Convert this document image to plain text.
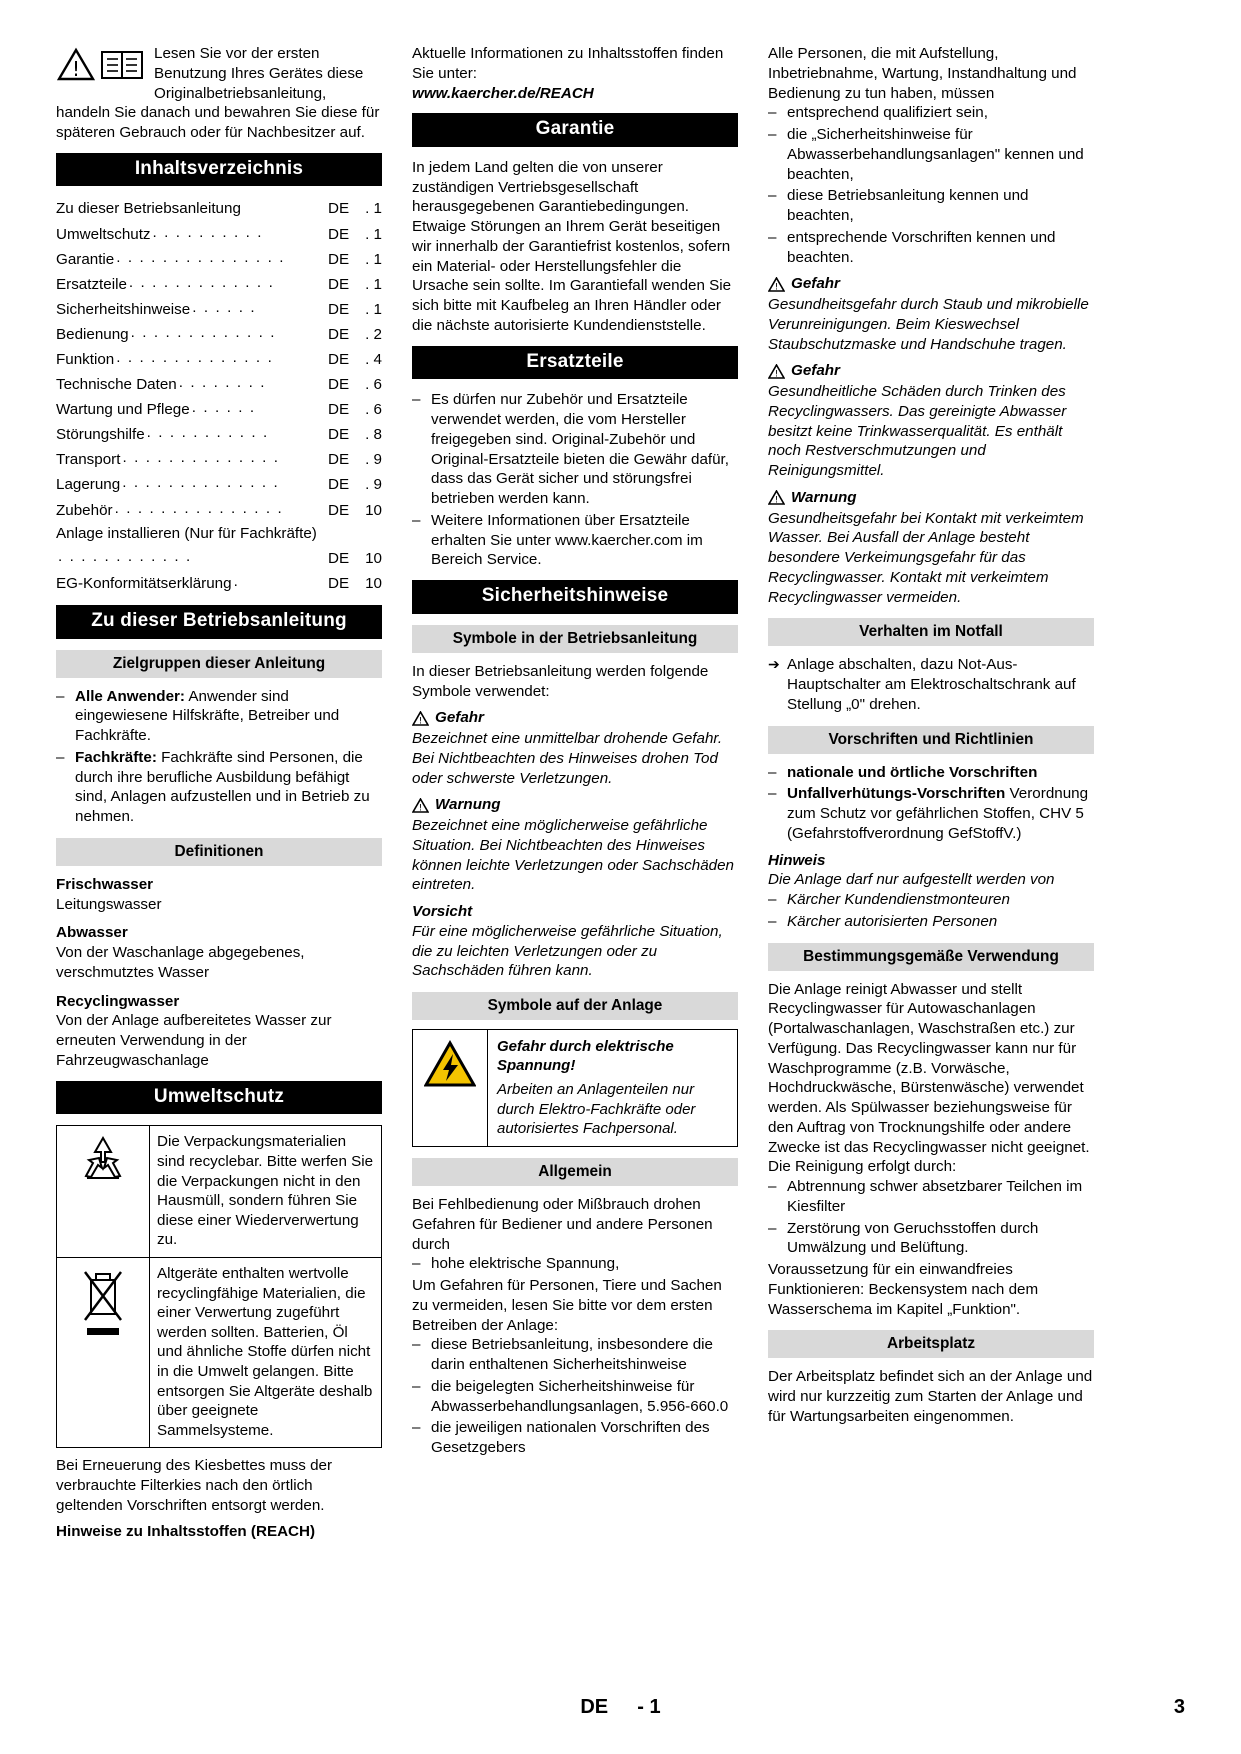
!
Lesen Sie vor der ersten Benutzung Ihres Gerätes diese Originalbetriebsanleitung, handeln Sie danach und bewahren Sie diese für späteren Gebrauch oder für Nachbesitzer auf.
Inhaltsverzeichnis
Zu dieser Betriebsanleitung	DE	. 1
Umweltschutz . . . . . . . . . .	DE	. 1
Garantie . . . . . . . . . . . . . . .	DE	. 1
Ersatzteile . . . . . . . . . . . . .	DE	. 1
Sicherheitshinweise . . . . . .	DE	. 1
Bedienung . . . . . . . . . . . . .	DE	. 2
Funktion . . . . . . . . . . . . . .	DE	. 4
Technische Daten . . . . . . . .	DE	. 6
Wartung und Pflege . . . . . .	DE	. 6
Störungshilfe . . . . . . . . . . .	DE	. 8
Transport . . . . . . . . . . . . . .	DE	. 9
Lagerung . . . . . . . . . . . . . .	DE	. 9
Zubehör . . . . . . . . . . . . . . .	DE	10
Anlage installieren (Nur für Fachkräfte)
. . . . . . . . . . . .	DE	10
EG-Konformitätserklärung .	DE	10
Zu dieser Betriebsanleitung
Zielgruppen dieser Anleitung
– Alle Anwender: Anwender sind eingewiesene Hilfskräfte, Betreiber und Fachkräfte.
– Fachkräfte: Fachkräfte sind Personen, die durch ihre berufliche Ausbildung befähigt sind, Anlagen aufzustellen und in Betrieb zu nehmen.
Definitionen
Frischwasser
Leitungswasser
Abwasser
Von der Waschanlage abgegebenes, verschmutztes Wasser
Recyclingwasser
Von der Anlage aufbereitetes Wasser zur erneuten Verwendung in der Fahrzeugwaschanlage
Umweltschutz
	Die Verpackungsmaterialien sind recyclebar. Bitte werfen Sie die Verpackungen nicht in den Hausmüll, sondern führen Sie diese einer Wiederverwertung zu.
	Altgeräte enthalten wertvolle recyclingfähige Materialien, die einer Verwertung zugeführt werden sollten. Batterien, Öl und ähnliche Stoffe dürfen nicht in die Umwelt gelangen. Bitte entsorgen Sie Altgeräte deshalb über geeignete Sammelsysteme.
Bei Erneuerung des Kiesbettes muss der verbrauchte Filterkies nach den örtlich geltenden Vorschriften entsorgt werden.
Hinweise zu Inhaltsstoffen (REACH)
Aktuelle Informationen zu Inhaltsstoffen finden Sie unter:
www.kaercher.de/REACH
Garantie
In jedem Land gelten die von unserer zuständigen Vertriebsgesellschaft herausgegebenen Garantiebedingungen. Etwaige Störungen an Ihrem Gerät beseitigen wir innerhalb der Garantiefrist kostenlos, sofern ein Material- oder Herstellungsfehler die Ursache sein sollte. Im Garantiefall wenden Sie sich bitte mit Kaufbeleg an Ihren Händler oder die nächste autorisierte Kundendienststelle.
Ersatzteile
– Es dürfen nur Zubehör und Ersatzteile verwendet werden, die vom Hersteller freigegeben sind. Original-Zubehör und Original-Ersatzteile bieten die Gewähr dafür, dass das Gerät sicher und störungsfrei betrieben werden kann.
– Weitere Informationen über Ersatzteile erhalten Sie unter www.kaercher.com im Bereich Service.
Sicherheitshinweise
Symbole in der Betriebsanleitung
In dieser Betriebsanleitung werden folgende Symbole verwendet:
! Gefahr
Bezeichnet eine unmittelbar drohende Gefahr. Bei Nichtbeachten des Hinweises drohen Tod oder schwerste Verletzungen.
! Warnung
Bezeichnet eine möglicherweise gefährliche Situation. Bei Nichtbeachten des Hinweises können leichte Verletzungen oder Sachschäden eintreten.
Vorsicht
Für eine möglicherweise gefährliche Situation, die zu leichten Verletzungen oder zu Sachschäden führen kann.
Symbole auf der Anlage
Gefahr durch elektrische Spannung!
Arbeiten an Anlagenteilen nur durch Elektro-Fachkräfte oder autorisiertes Fachpersonal.
Allgemein
Bei Fehlbedienung oder Mißbrauch drohen Gefahren für Bediener und andere Personen durch
– hohe elektrische Spannung,
Um Gefahren für Personen, Tiere und Sachen zu vermeiden, lesen Sie bitte vor dem ersten Betreiben der Anlage:
– diese Betriebsanleitung, insbesondere die darin enthaltenen Sicherheitshinweise
– die beigelegten Sicherheitshinweise für Abwasserbehandlungsanlagen, 5.956-660.0
– die jeweiligen nationalen Vorschriften des Gesetzgebers
Alle Personen, die mit Aufstellung, Inbetriebnahme, Wartung, Instandhaltung und Bedienung zu tun haben, müssen
– entsprechend qualifiziert sein,
– die „Sicherheitshinweise für Abwasserbehandlungsanlagen" kennen und beachten,
– diese Betriebsanleitung kennen und beachten,
– entsprechende Vorschriften kennen und beachten.
! Gefahr
Gesundheitsgefahr durch Staub und mikrobielle Verunreinigungen. Beim Kieswechsel Staubschutzmaske und Handschuhe tragen.
! Gefahr
Gesundheitliche Schäden durch Trinken des Recyclingwassers. Das gereinigte Abwasser besitzt keine Trinkwasserqualität. Es enthält noch Restverschmutzungen und Reinigungsmittel.
! Warnung
Gesundheitsgefahr bei Kontakt mit verkeimtem Wasser. Bei Ausfall der Anlage besteht besondere Verkeimungsgefahr für das Recyclingwasser. Kontakt mit verkeimtem Recyclingwasser vermeiden.
Verhalten im Notfall
➔ Anlage abschalten, dazu Not-Aus-Hauptschalter am Elektroschaltschrank auf Stellung „0" drehen.
Vorschriften und Richtlinien
– nationale und örtliche Vorschriften
– Unfallverhütungs-Vorschriften Verordnung zum Schutz vor gefährlichen Stoffen, CHV 5 (Gefahrstoffverordnung GefStoffV.)
Hinweis
Die Anlage darf nur aufgestellt werden von
– Kärcher Kundendienstmonteuren
– Kärcher autorisierten Personen
Bestimmungsgemäße Verwendung
Die Anlage reinigt Abwasser und stellt Recyclingwasser für Autowaschanlagen (Portalwaschanlagen, Waschstraßen etc.) zur Verfügung. Das Recyclingwasser kann nur für Waschprogramme (z.B. Vorwäsche, Hochdruckwäsche, Bürstenwäsche) verwendet werden. Als Spülwasser beziehungsweise für den Auftrag von Trocknungshilfe oder andere Zwecke ist das Recyclingwasser nicht geeignet.
Die Reinigung erfolgt durch:
– Abtrennung schwer absetzbarer Teilchen im Kiesfilter
– Zerstörung von Geruchsstoffen durch Umwälzung und Belüftung.
Voraussetzung für ein einwandfreies Funktionieren: Beckensystem nach dem Wasserschema im Kapitel „Funktion".
Arbeitsplatz
Der Arbeitsplatz befindet sich an der Anlage und wird nur kurzzeitig zum Starten der Anlage und für Wartungsarbeiten eingenommen.
DE - 1	3
